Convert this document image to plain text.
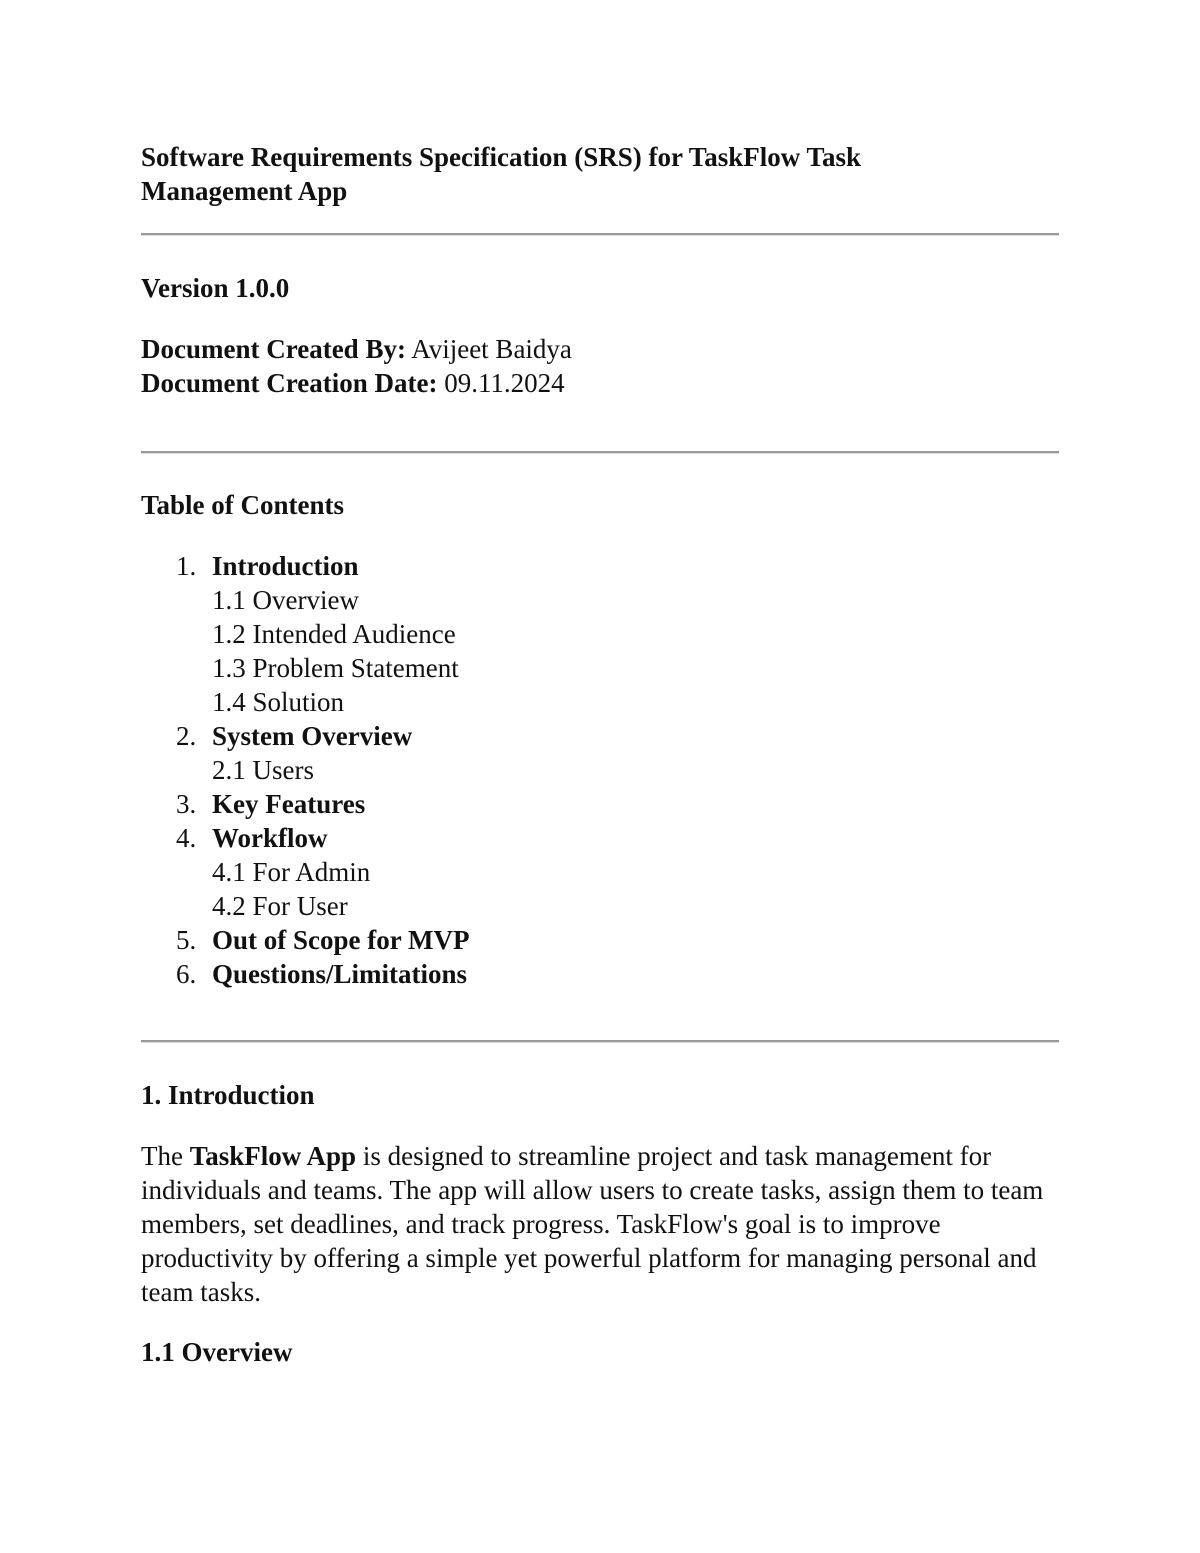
Software Requirements Specification (SRS) for TaskFlow Task Management App

Version 1.0.0

Document Created By: Avijeet Baidya
Document Creation Date: 09.11.2024
Table of Contents
1. Introduction
1.1 Overview
1.2 Intended Audience
1.3 Problem Statement
1.4 Solution
2. System Overview
2.1 Users
3. Key Features
4. Workflow
4.1 For Admin
4.2 For User
5. Out of Scope for MVP
6. Questions/Limitations
1. Introduction

The TaskFlow App is designed to streamline project and task management for individuals and teams. The app will allow users to create tasks, assign them to team members, set deadlines, and track progress. TaskFlow's goal is to improve productivity by offering a simple yet powerful platform for managing personal and team tasks.

1.1 Overview
